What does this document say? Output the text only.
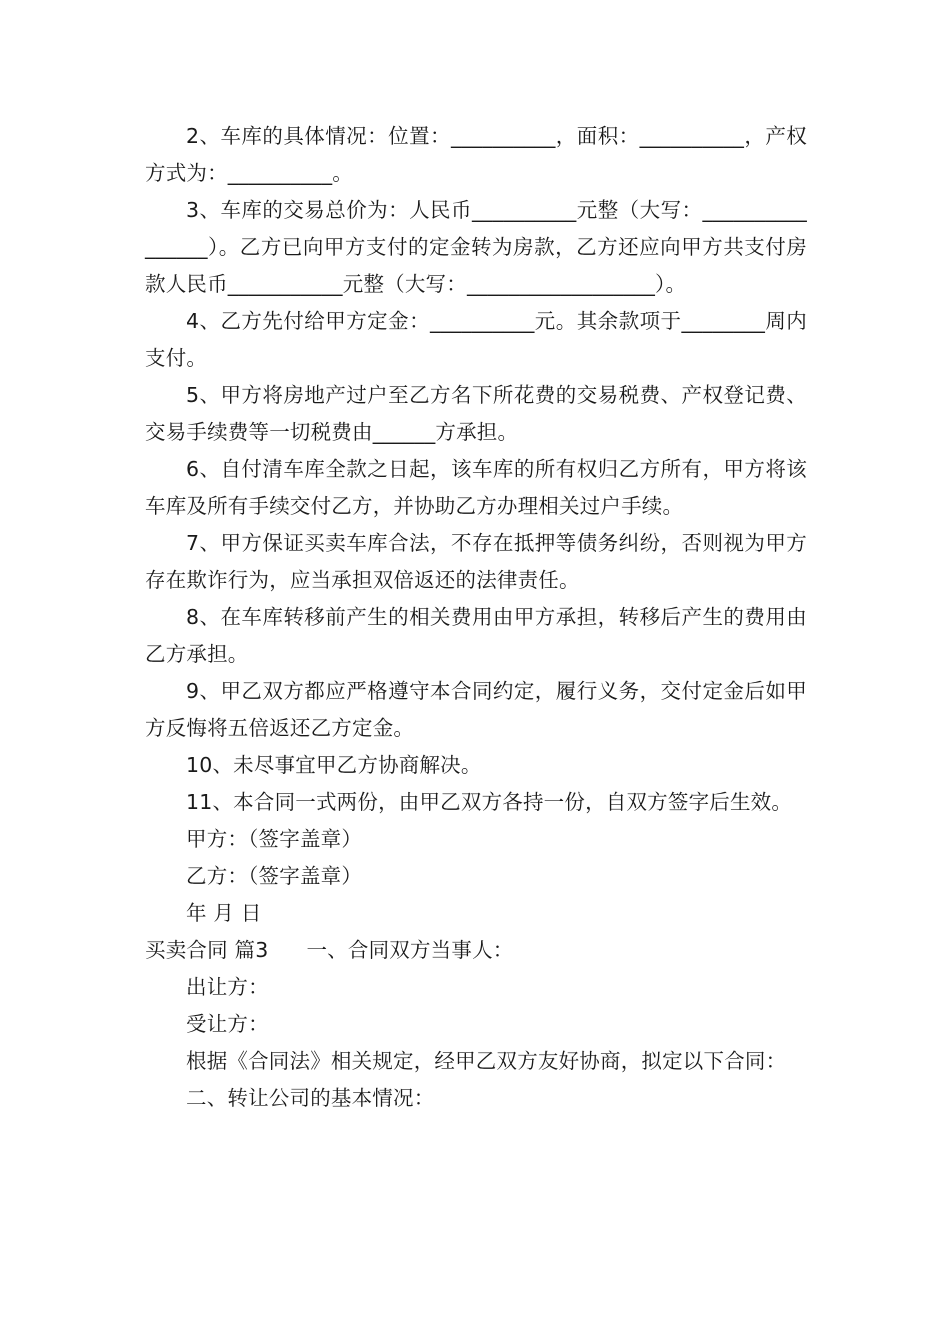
2、车库的具体情况：位置：__________，面积：__________，产权方式为：__________。

3、车库的交易总价为：人民币__________元整（大写：________________）。乙方已向甲方支付的定金转为房款，乙方还应向甲方共支付房款人民币___________元整（大写：__________________）。

4、乙方先付给甲方定金：__________元。其余款项于________周内支付。

5、甲方将房地产过户至乙方名下所花费的交易税费、产权登记费、交易手续费等一切税费由______方承担。

6、自付清车库全款之日起，该车库的所有权归乙方所有，甲方将该车库及所有手续交付乙方，并协助乙方办理相关过户手续。

7、甲方保证买卖车库合法，不存在抵押等债务纠纷，否则视为甲方存在欺诈行为，应当承担双倍返还的法律责任。

8、在车库转移前产生的相关费用由甲方承担，转移后产生的费用由乙方承担。

9、甲乙双方都应严格遵守本合同约定，履行义务，交付定金后如甲方反悔将五倍返还乙方定金。

10、未尽事宜甲乙方协商解决。

11、本合同一式两份，由甲乙双方各持一份，自双方签字后生效。

甲方：（签字盖章）

乙方：（签字盖章）

年 月 日

买卖合同 篇3 一、合同双方当事人：

出让方：

受让方：

根据《合同法》相关规定，经甲乙双方友好协商，拟定以下合同：

二、转让公司的基本情况：
